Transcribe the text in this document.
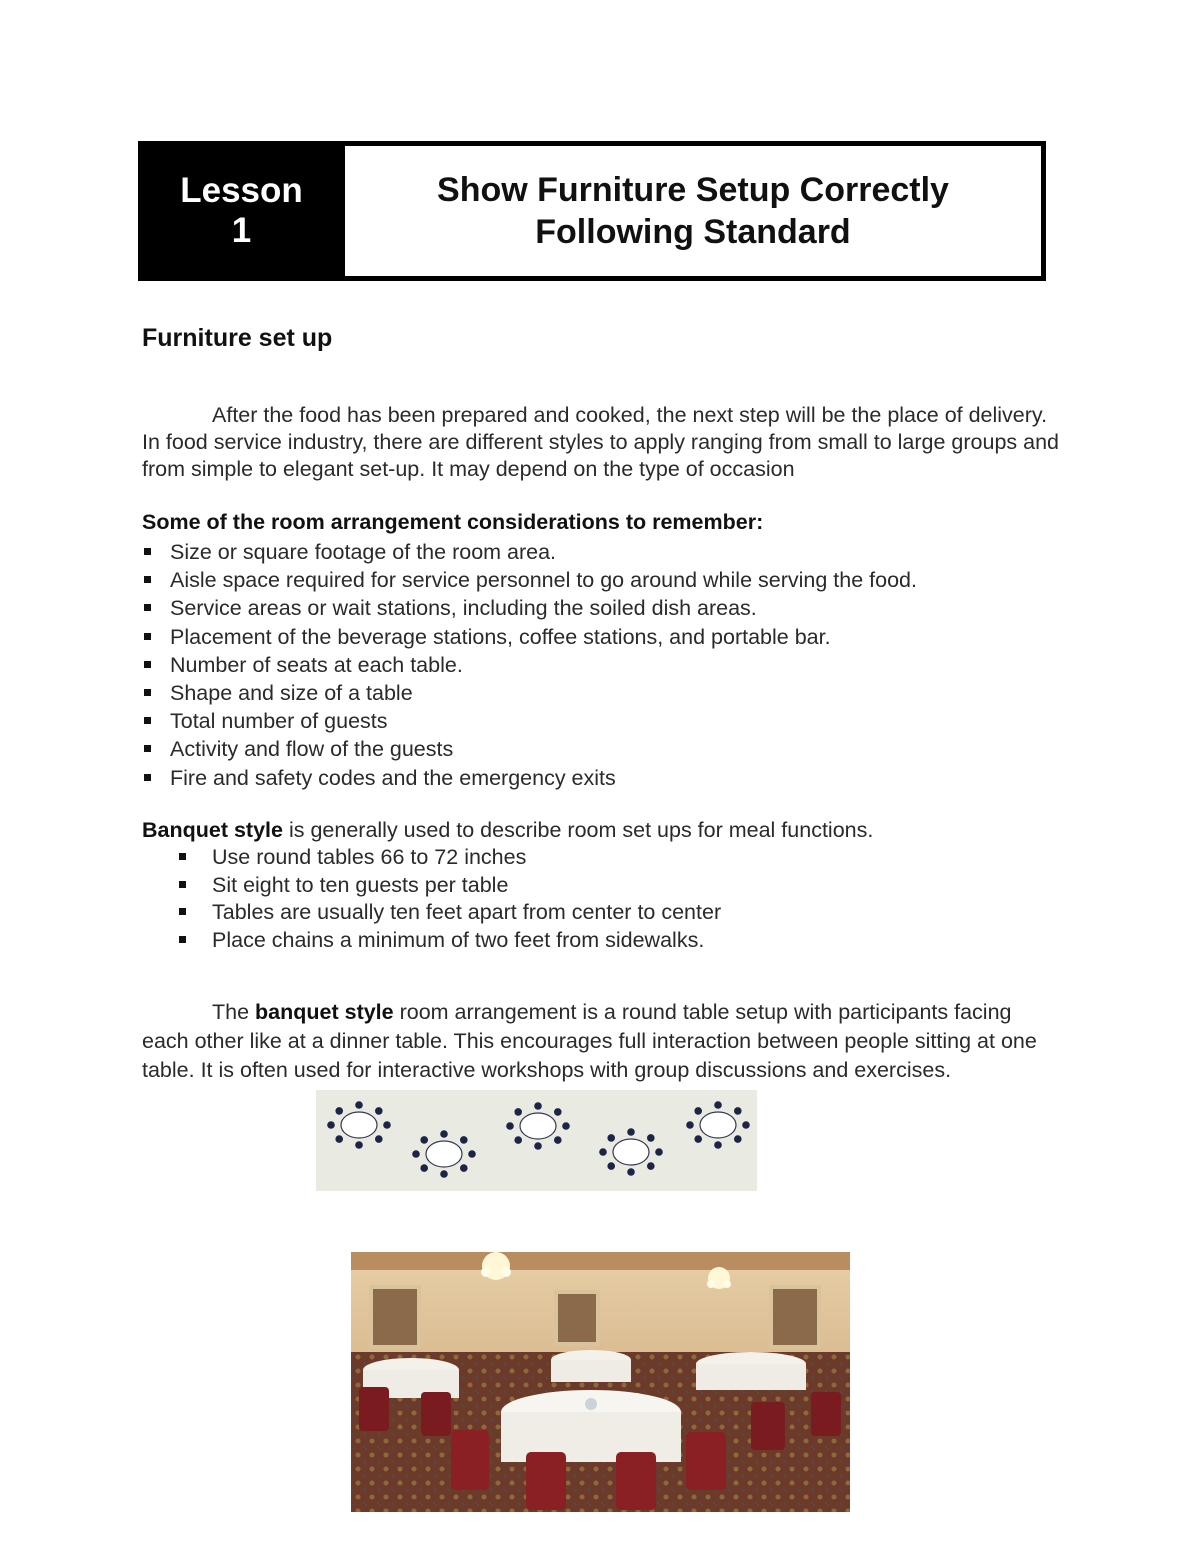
Lesson
1
Show Furniture Setup Correctly
Following Standard
Furniture set up
After the food has been prepared and cooked, the next step will be the place of delivery. In food service industry, there are different styles to apply ranging from small to large groups and from simple to elegant set-up. It may depend on the type of occasion
Some of the room arrangement considerations to remember:
Size or square footage of the room area.
Aisle space required for service personnel to go around while serving the food.
Service areas or wait stations, including the soiled dish areas.
Placement of the beverage stations, coffee stations, and portable bar.
Number of seats at each table.
Shape and size of a table
Total number of guests
Activity and flow of the guests
Fire and safety codes and the emergency exits
Banquet style is generally used to describe room set ups for meal functions.
Use round tables 66 to 72 inches
Sit eight to ten guests per table
Tables are usually ten feet apart from center to center
Place chains a minimum of two feet from sidewalks.
The banquet style room arrangement is a round table setup with participants facing each other like at a dinner table. This encourages full interaction between people sitting at one table. It is often used for interactive workshops with group discussions and exercises.
